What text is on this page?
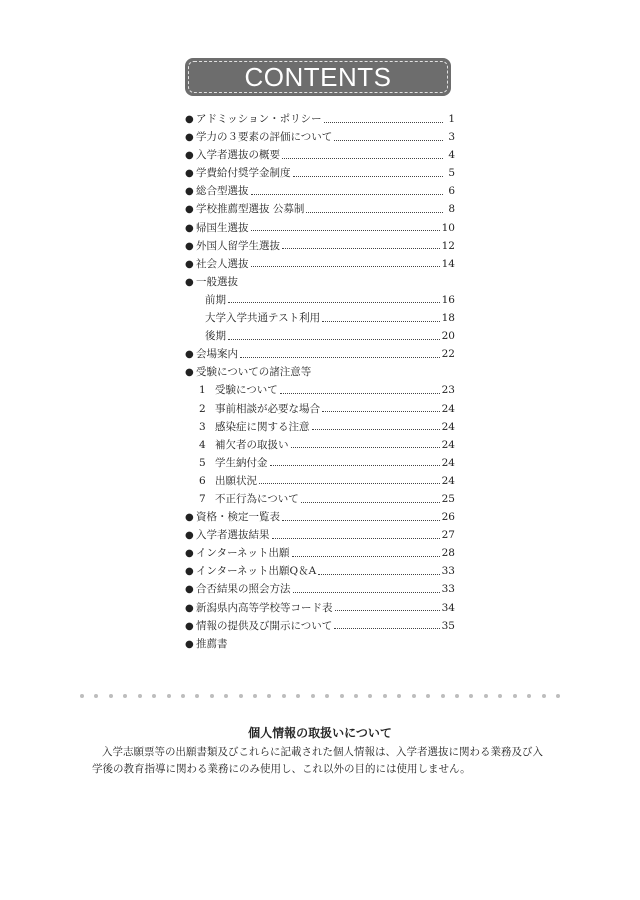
CONTENTS
● アドミッション・ポリシー	1
● 学力の３要素の評価について	3
● 入学者選抜の概要	4
● 学費給付奨学金制度	5
● 総合型選抜	6
● 学校推薦型選抜 公募制	8
● 帰国生選抜	10
● 外国人留学生選抜	12
● 社会人選抜	14
● 一般選抜
前期	16
大学入学共通テスト利用	18
後期	20
● 会場案内	22
● 受験についての諸注意等
1 受験について	23
2 事前相談が必要な場合	24
3 感染症に関する注意	24
4 補欠者の取扱い	24
5 学生納付金	24
6 出願状況	24
7 不正行為について	25
● 資格・検定一覧表	26
● 入学者選抜結果	27
● インターネット出願	28
● インターネット出願Q＆A	33
● 合否結果の照会方法	33
● 新潟県内高等学校等コード表	34
● 情報の提供及び開示について	35
● 推薦書
個人情報の取扱いについて
入学志願票等の出願書類及びこれらに記載された個人情報は、入学者選抜に関わる業務及び入学後の教育指導に関わる業務にのみ使用し、これ以外の目的には使用しません。
